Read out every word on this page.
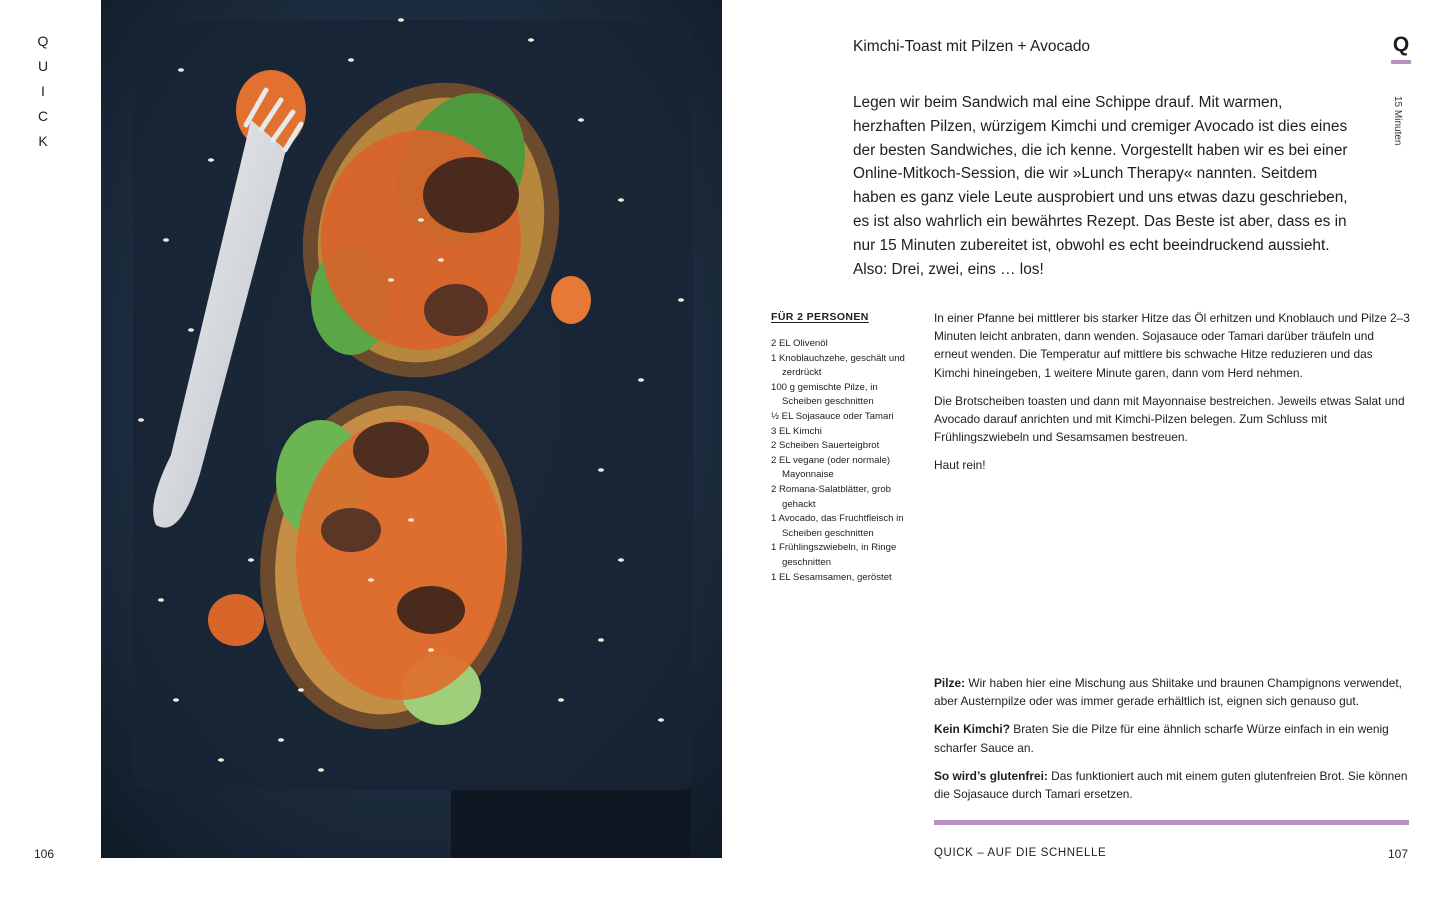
Q
U
I
C
K
106
Kimchi-Toast mit Pilzen + Avocado	Q
15 Minuten
Legen wir beim Sandwich mal eine Schippe drauf. Mit warmen, herzhaften Pilzen, würzigem Kimchi und cremiger Avocado ist dies eines der besten Sandwiches, die ich kenne. Vorgestellt haben wir es bei einer Online-Mitkoch-Session, die wir »Lunch Therapy« nannten. Seitdem haben es ganz viele Leute ausprobiert und uns etwas dazu geschrieben, es ist also wahrlich ein bewährtes Rezept. Das Beste ist aber, dass es in nur 15 Minuten zubereitet ist, obwohl es echt beeindruckend aussieht. Also: Drei, zwei, eins … los!
FÜR 2 PERSONEN
2 EL Olivenöl
1 Knoblauchzehe, geschält und zerdrückt
100 g gemischte Pilze, in Scheiben geschnitten
½ EL Sojasauce oder Tamari
3 EL Kimchi
2 Scheiben Sauerteigbrot
2 EL vegane (oder normale) Mayonnaise
2 Romana-Salatblätter, grob gehackt
1 Avocado, das Fruchtfleisch in Scheiben geschnitten
1 Frühlingszwiebeln, in Ringe geschnitten
1 EL Sesamsamen, geröstet

In einer Pfanne bei mittlerer bis starker Hitze das Öl erhitzen und Knoblauch und Pilze 2–3 Minuten leicht anbraten, dann wenden. Sojasauce oder Tamari darüber träufeln und erneut wenden. Die Temperatur auf mittlere bis schwache Hitze reduzieren und das Kimchi hineingeben, 1 weitere Minute garen, dann vom Herd nehmen.

Die Brotscheiben toasten und dann mit Mayonnaise bestreichen. Jeweils etwas Salat und Avocado darauf anrichten und mit Kimchi-Pilzen belegen. Zum Schluss mit Frühlingszwiebeln und Sesamsamen bestreuen.

Haut rein!

Pilze: Wir haben hier eine Mischung aus Shiitake und braunen Champignons verwendet, aber Austernpilze oder was immer gerade erhältlich ist, eignen sich genauso gut.

Kein Kimchi? Braten Sie die Pilze für eine ähnlich scharfe Würze einfach in ein wenig scharfer Sauce an.

So wird’s glutenfrei: Das funktioniert auch mit einem guten glutenfreien Brot. Sie können die Sojasauce durch Tamari ersetzen.

QUICK – AUF DIE SCHNELLE	107
